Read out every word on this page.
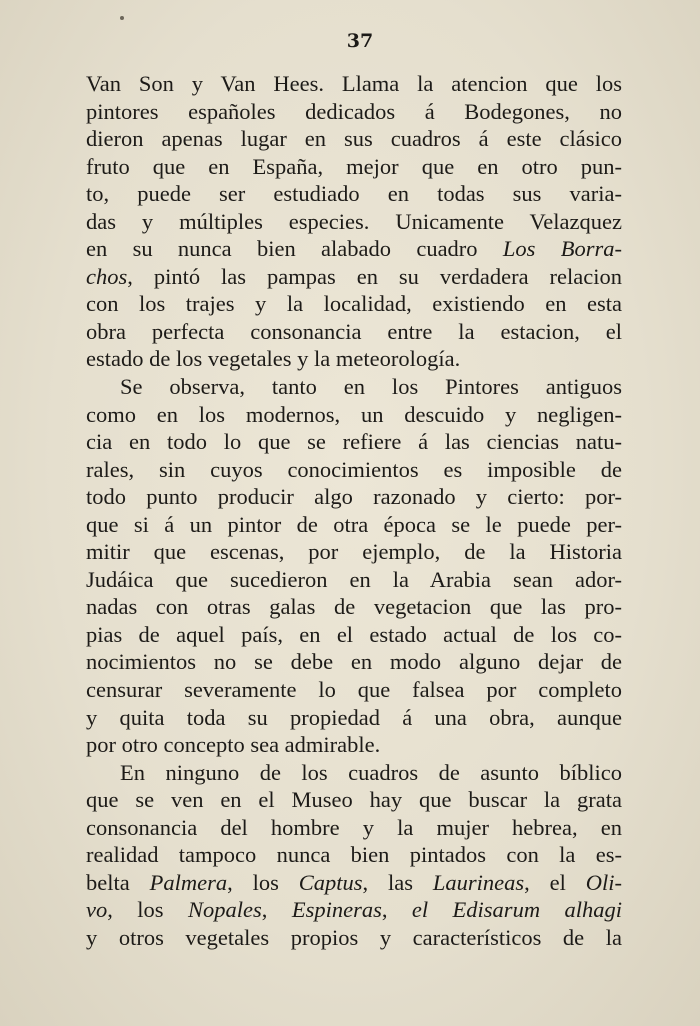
37
Van Son y Van Hees. Llama la atencion que los
pintores españoles dedicados á Bodegones, no
dieron apenas lugar en sus cuadros á este clásico
fruto que en España, mejor que en otro pun-
to, puede ser estudiado en todas sus varia-
das y múltiples especies. Unicamente Velazquez
en su nunca bien alabado cuadro Los Borra-
chos, pintó las pampas en su verdadera relacion
con los trajes y la localidad, existiendo en esta
obra perfecta consonancia entre la estacion, el
estado de los vegetales y la meteorología.
Se observa, tanto en los Pintores antiguos
como en los modernos, un descuido y negligen-
cia en todo lo que se refiere á las ciencias natu-
rales, sin cuyos conocimientos es imposible de
todo punto producir algo razonado y cierto: por-
que si á un pintor de otra época se le puede per-
mitir que escenas, por ejemplo, de la Historia
Judáica que sucedieron en la Arabia sean ador-
nadas con otras galas de vegetacion que las pro-
pias de aquel país, en el estado actual de los co-
nocimientos no se debe en modo alguno dejar de
censurar severamente lo que falsea por completo
y quita toda su propiedad á una obra, aunque
por otro concepto sea admirable.
En ninguno de los cuadros de asunto bíblico
que se ven en el Museo hay que buscar la grata
consonancia del hombre y la mujer hebrea, en
realidad tampoco nunca bien pintados con la es-
belta Palmera, los Captus, las Laurineas, el Oli-
vo, los Nopales, Espineras, el Edisarum alhagi
y otros vegetales propios y característicos de la
